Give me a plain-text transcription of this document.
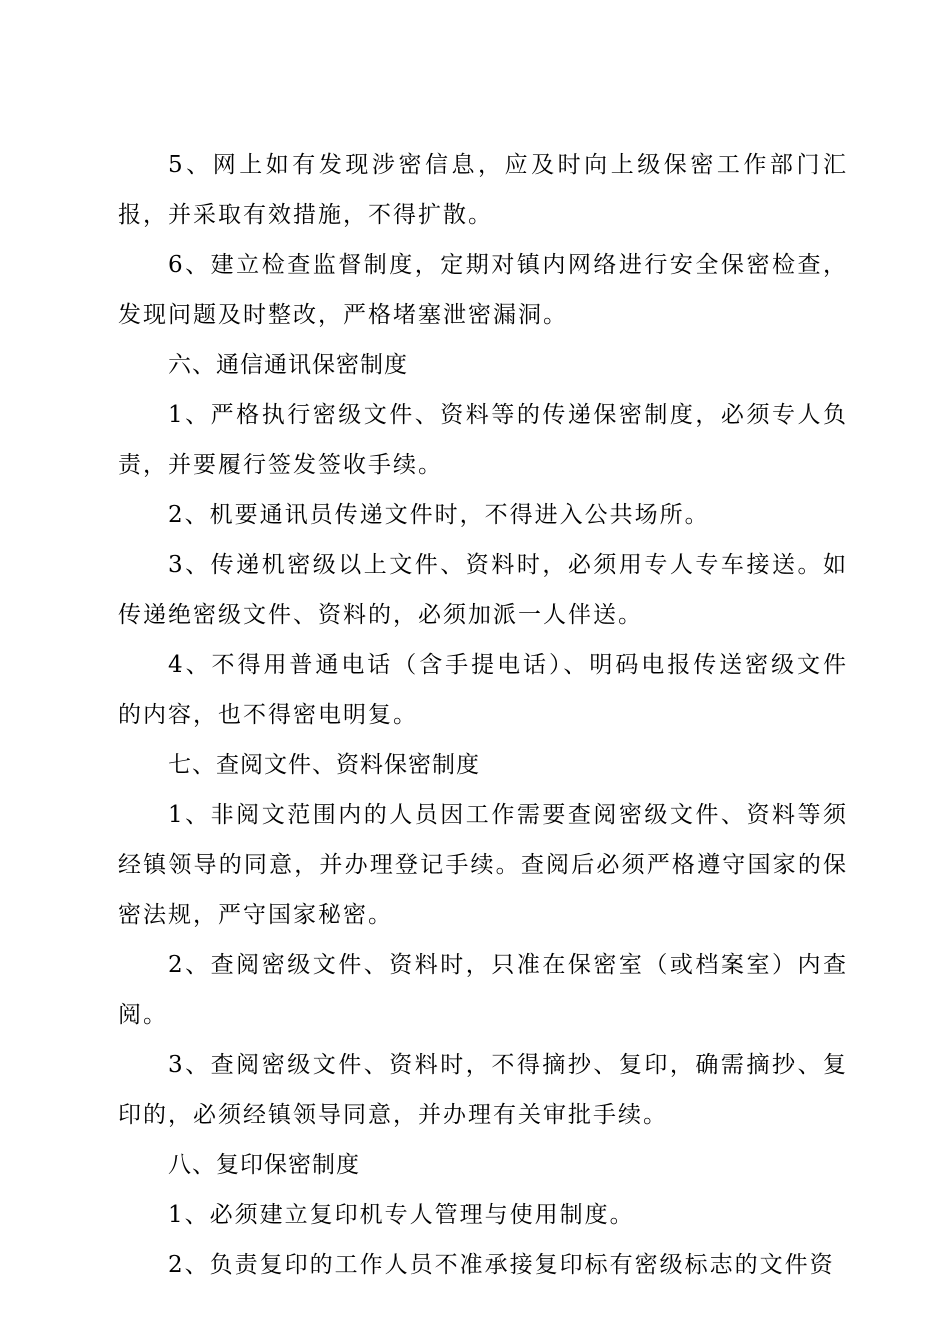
5、网上如有发现涉密信息，应及时向上级保密工作部门汇报，并采取有效措施，不得扩散。

6、建立检查监督制度，定期对镇内网络进行安全保密检查，发现问题及时整改，严格堵塞泄密漏洞。

六、通信通讯保密制度

1、严格执行密级文件、资料等的传递保密制度，必须专人负责，并要履行签发签收手续。

2、机要通讯员传递文件时，不得进入公共场所。

3、传递机密级以上文件、资料时，必须用专人专车接送。如传递绝密级文件、资料的，必须加派一人伴送。

4、不得用普通电话（含手提电话）、明码电报传送密级文件的内容，也不得密电明复。

七、查阅文件、资料保密制度

1、非阅文范围内的人员因工作需要查阅密级文件、资料等须经镇领导的同意，并办理登记手续。查阅后必须严格遵守国家的保密法规，严守国家秘密。

2、查阅密级文件、资料时，只准在保密室（或档案室）内查阅。

3、查阅密级文件、资料时，不得摘抄、复印，确需摘抄、复印的，必须经镇领导同意，并办理有关审批手续。

八、复印保密制度

1、必须建立复印机专人管理与使用制度。

2、负责复印的工作人员不准承接复印标有密级标志的文件资
